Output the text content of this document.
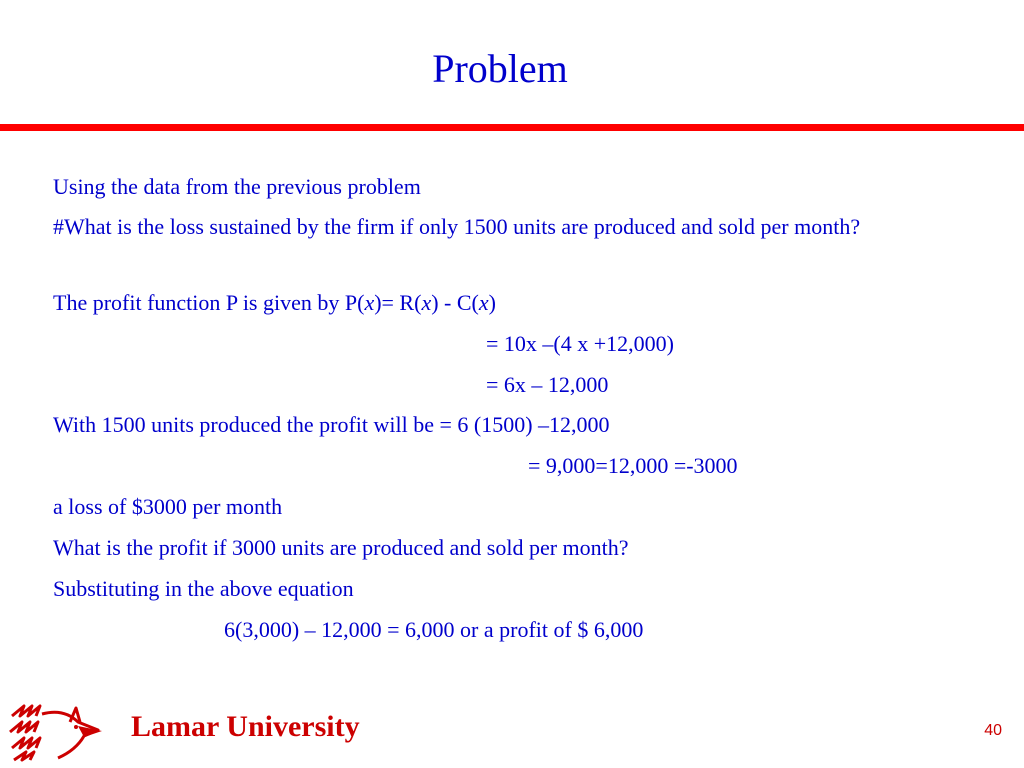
Problem
Using the data from the previous problem
#What is the loss sustained by the firm if only 1500 units are produced and sold per month?
The profit function P is given by P(x)= R(x) - C(x)
= 10x –(4 x +12,000)
= 6x – 12,000
With 1500 units produced the profit will be = 6 (1500) –12,000
= 9,000=12,000 =-3000
a loss of $3000 per month
What is the profit if 3000 units are produced and sold per month?
Substituting in the above equation
6(3,000) – 12,000 = 6,000 or a profit of $ 6,000
Lamar University	40
